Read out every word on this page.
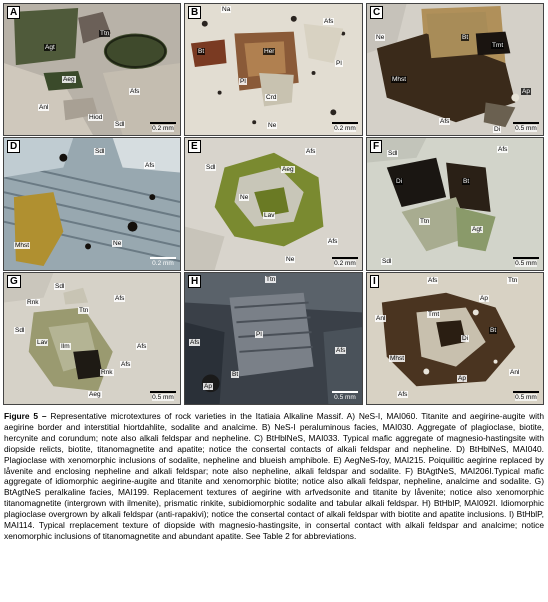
A
Agt
Ttn
Aeg
Anl
Afs
Hiod
Sdl
0.2 mm
B	Na
Afs
Bt	Her
Pl
Crd
Pl
Ne	0.2 mm
C
Ne	Bt
Tmt
Mhst
Ap
Afs
Di	0.5 mm
D	Sdl
Afs
Mhst	Ne
0.2 mm
E	Afs
Sdl	Aeg
Ne
Lav
Afs
Ne
0.2 mm
F	Afs
Sdl
Di	Bt
Ttn
Agt
Sdl	0.5 mm
G	Sdl
Rnk
Ttn
Afs
Sdl
Lav
Ilm	Afs
Afs
Aeg
Rnk
0.5 mm
H	Ttn
Afs
Pl
Afs
Bt
Ap
0.5 mm
I	Afs	Ttn
Ap
Anl
Tmt
Bt
Di
Mhst
Afs
Anl
Ap
0.5 mm
Figure 5 – Representative microtextures of rock varieties in the Itatiaia Alkaline Massif. A) NeS-I, MAI060. Titanite and aegirine-augite with aegirine border and interstitial hiortdahlite, sodalite and analcime. B) NeS-I peraluminous facies, MAI030. Aggregate of plagioclase, biotite, hercynite and corundum; note also alkali feldspar and nepheline. C) BtHblNeS, MAI033. Typical mafic aggregate of magnesio-hastingsite with diopside relicts, biotite, titanomagnetite and apatite; notice the consertal contacts of alkali feldspar and nepheline. D) BtHblNeS, MAI040. Plagioclase with xenomorphic inclusions of sodalite, nepheline and blueish amphibole. E) AegNeS-foy, MAI215. Poiquilitic aegirine replaced by låvenite and enclosing nepheline and alkali feldspar; note also nepheline, alkali feldspar and sodalite. F) BtAgtNeS, MAI206I.Typical mafic aggregate of idiomorphic aegirine-augite and titanite and xenomorphic biotite; notice also alkali feldspar, nepheline, analcime and sodalite. G) BtAgtNeS peralkaline facies, MAI199. Replacement textures of aegirine with arfvedsonite and titanite by låvenite; notice also xenomorphic titanomagnetite (intergrown with ilmenite), prismatic rinkite, subidiomorphic sodalite and tabular alkali feldspar. H) BtHblP, MAI092I. Idiomorphic plagioclase overgrown by alkali feldspar (anti-rapakivi); notice the consertal contact of alkali feldspar with biotite and apatite inclusions. I) BtHblP, MAI114. Typical rreplacement texture of diopside with magnesio-hastingsite, in consertal contact with alkali feldspar and analcime; notice xenomorphic inclusions of titanomagnetite and abundant apatite. See Table 2 for abbreviations.
